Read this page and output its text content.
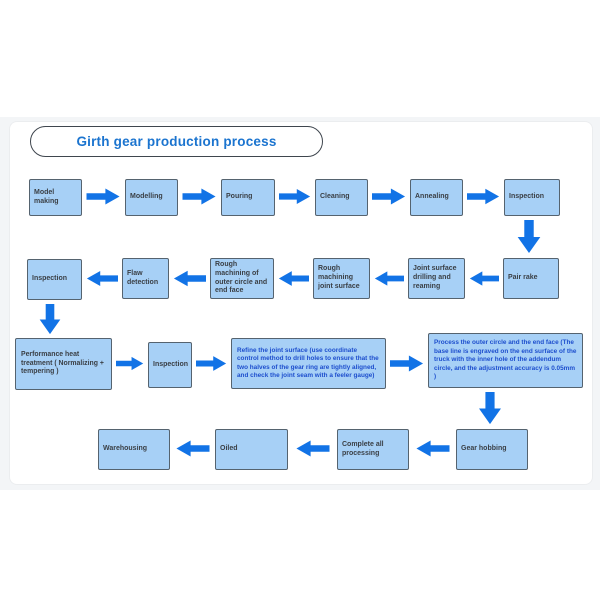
Girth gear production process
Model making
Modelling	Pouring	Cleaning	Annealing	Inspection
Pair rake
Joint surface drilling and reaming
Rough machining joint surface
Rough machining of outer circle and end face
Flaw detection
Inspection
Performance heat treatment ( Normalizing + tempering )
Inspection
Refine the joint surface (use coordinate control method to drill holes to ensure that the two halves of the gear ring are tightly aligned, and check the joint seam with a feeler gauge)
Process the outer circle and the end face (The base line is engraved on the end surface of the truck with the inner hole of the addendum circle, and the adjustment accuracy is 0.05mm )
Gear hobbing
Complete all processing
Oiled
Warehousing
